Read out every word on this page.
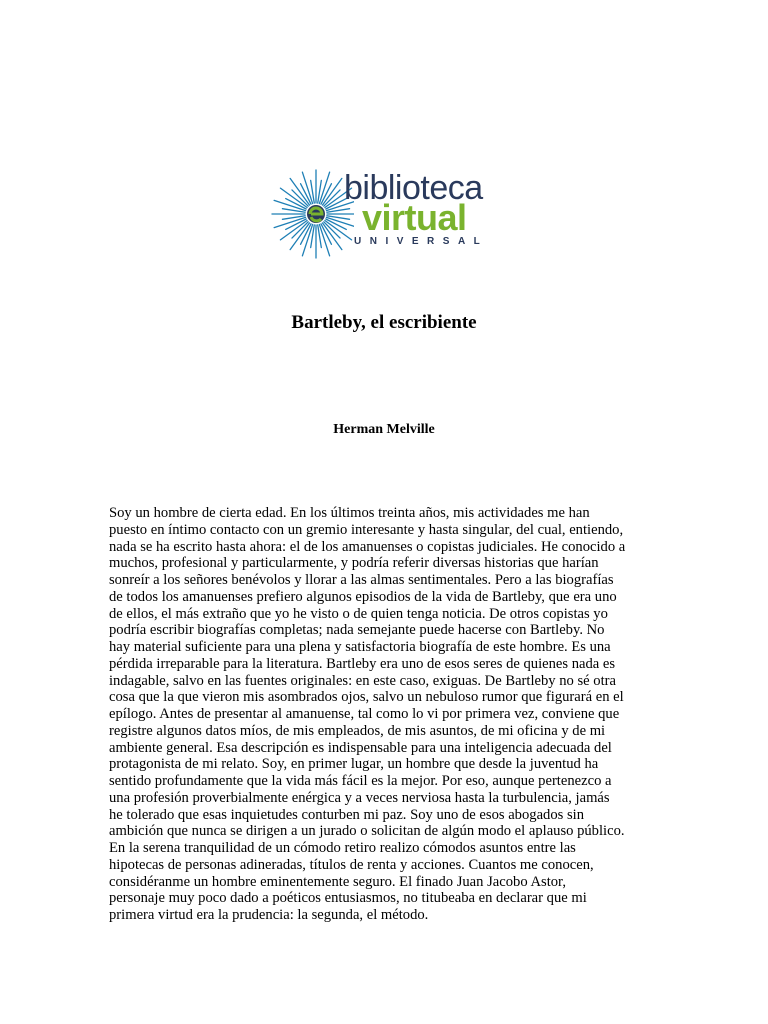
biblioteca
virtual
UNIVERSAL
Bartleby, el escribiente
Herman Melville
Soy un hombre de cierta edad. En los últimos treinta años, mis actividades me han
puesto en íntimo contacto con un gremio interesante y hasta singular, del cual, entiendo,
nada se ha escrito hasta ahora: el de los amanuenses o copistas judiciales. He conocido a
muchos, profesional y particularmente, y podría referir diversas historias que harían
sonreír a los señores benévolos y llorar a las almas sentimentales. Pero a las biografías
de todos los amanuenses prefiero algunos episodios de la vida de Bartleby, que era uno
de ellos, el más extraño que yo he visto o de quien tenga noticia. De otros copistas yo
podría escribir biografías completas; nada semejante puede hacerse con Bartleby. No
hay material suficiente para una plena y satisfactoria biografía de este hombre. Es una
pérdida irreparable para la literatura. Bartleby era uno de esos seres de quienes nada es
indagable, salvo en las fuentes originales: en este caso, exiguas. De Bartleby no sé otra
cosa que la que vieron mis asombrados ojos, salvo un nebuloso rumor que figurará en el
epílogo. Antes de presentar al amanuense, tal como lo vi por primera vez, conviene que
registre algunos datos míos, de mis empleados, de mis asuntos, de mi oficina y de mi
ambiente general. Esa descripción es indispensable para una inteligencia adecuada del
protagonista de mi relato. Soy, en primer lugar, un hombre que desde la juventud ha
sentido profundamente que la vida más fácil es la mejor. Por eso, aunque pertenezco a
una profesión proverbialmente enérgica y a veces nerviosa hasta la turbulencia, jamás
he tolerado que esas inquietudes conturben mi paz. Soy uno de esos abogados sin
ambición que nunca se dirigen a un jurado o solicitan de algún modo el aplauso público.
En la serena tranquilidad de un cómodo retiro realizo cómodos asuntos entre las
hipotecas de personas adineradas, títulos de renta y acciones. Cuantos me conocen,
considéranme un hombre eminentemente seguro. El finado Juan Jacobo Astor,
personaje muy poco dado a poéticos entusiasmos, no titubeaba en declarar que mi
primera virtud era la prudencia: la segunda, el método.
